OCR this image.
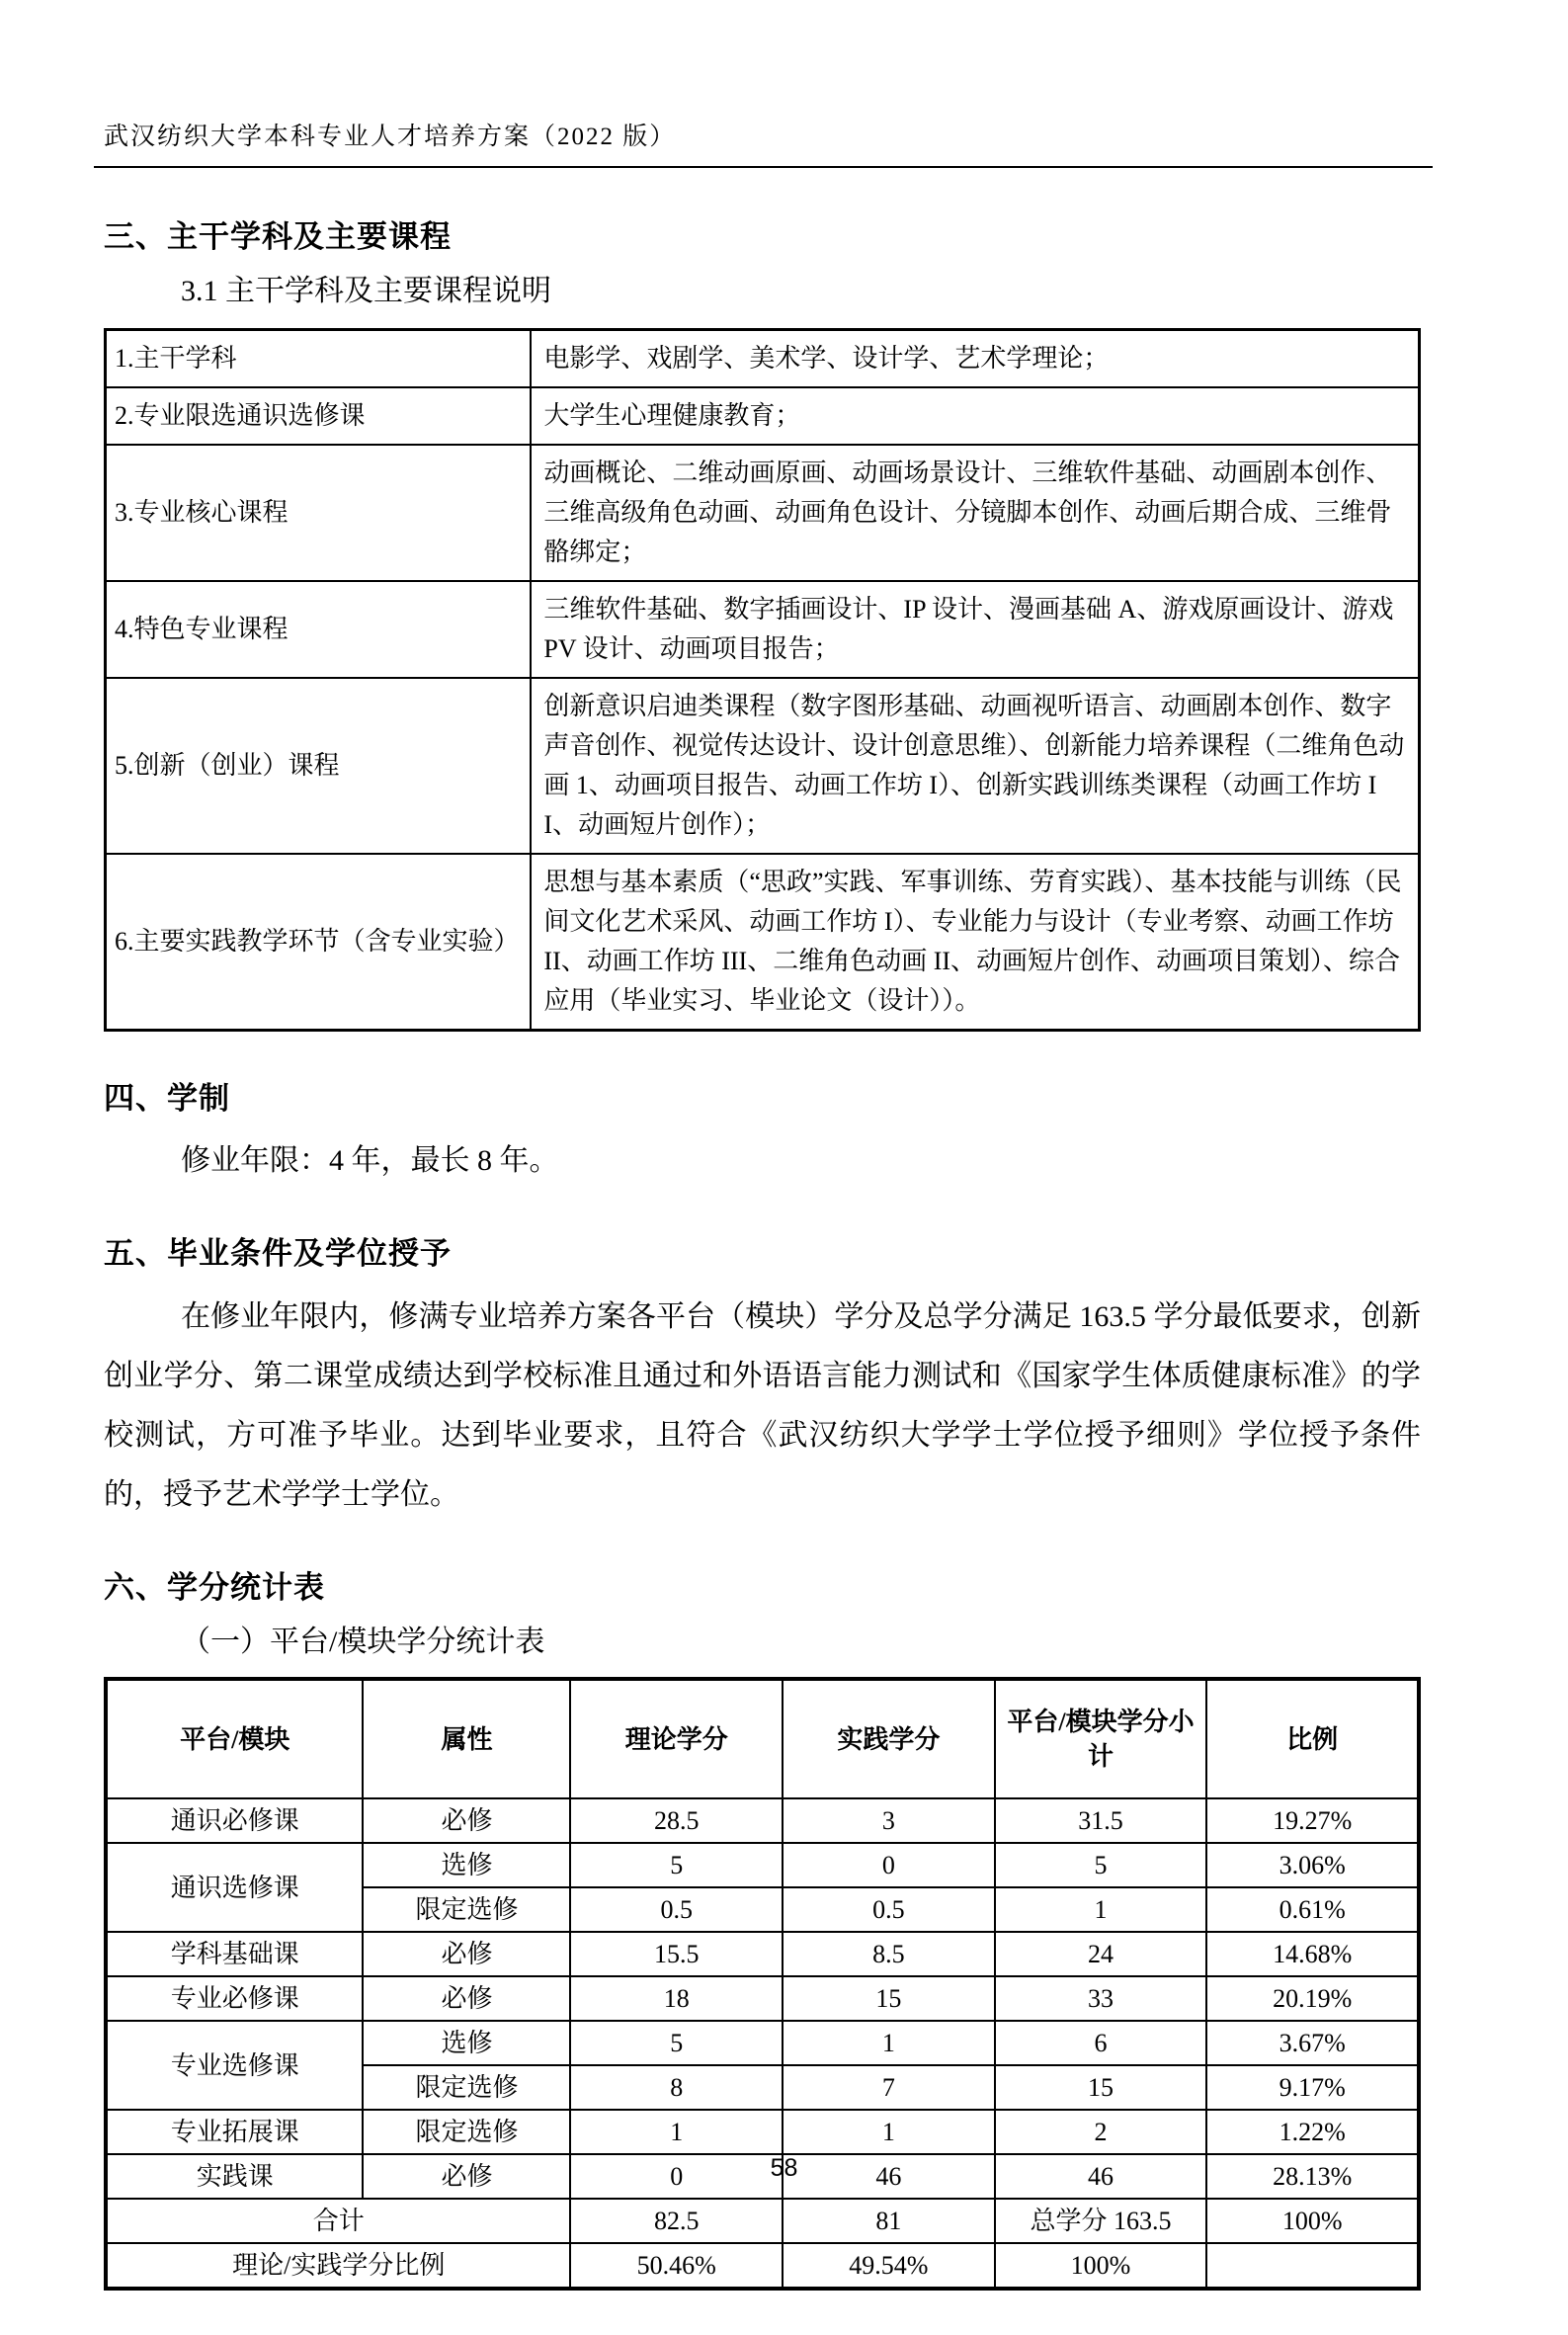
武汉纺织大学本科专业人才培养方案（2022 版）
三、主干学科及主要课程

3.1 主干学科及主要课程说明

1.主干学科	电影学、戏剧学、美术学、设计学、艺术学理论；
2.专业限选通识选修课	大学生心理健康教育；
3.专业核心课程	动画概论、二维动画原画、动画场景设计、三维软件基础、动画剧本创作、三维高级角色动画、动画角色设计、分镜脚本创作、动画后期合成、三维骨骼绑定；
4.特色专业课程	三维软件基础、数字插画设计、IP 设计、漫画基础 A、游戏原画设计、游戏 PV 设计、动画项目报告；
5.创新（创业）课程	创新意识启迪类课程（数字图形基础、动画视听语言、动画剧本创作、数字声音创作、视觉传达设计、设计创意思维）、创新能力培养课程（二维角色动画 1、动画项目报告、动画工作坊 I）、创新实践训练类课程（动画工作坊 II、动画短片创作）；
6.主要实践教学环节（含专业实验）	思想与基本素质（“思政”实践、军事训练、劳育实践）、基本技能与训练（民间文化艺术采风、动画工作坊 I）、专业能力与设计（专业考察、动画工作坊 II、动画工作坊 III、二维角色动画 II、动画短片创作、动画项目策划）、综合应用（毕业实习、毕业论文（设计））。
四、学制

修业年限：4 年，最长 8 年。

五、毕业条件及学位授予

在修业年限内，修满专业培养方案各平台（模块）学分及总学分满足 163.5 学分最低要求，创新创业学分、第二课堂成绩达到学校标准且通过和外语语言能力测试和《国家学生体质健康标准》的学校测试，方可准予毕业。达到毕业要求，且符合《武汉纺织大学学士学位授予细则》学位授予条件的，授予艺术学学士学位。

六、学分统计表

（一）平台/模块学分统计表

平台/模块	属性	理论学分	实践学分	平台/模块学分小计	比例
通识必修课	必修	28.5	3	31.5	19.27%
通识选修课	选修	5	0	5	3.06%
	限定选修	0.5	0.5	1	0.61%
学科基础课	必修	15.5	8.5	24	14.68%
专业必修课	必修	18	15	33	20.19%
专业选修课	选修	5	1	6	3.67%
	限定选修	8	7	15	9.17%
专业拓展课	限定选修	1	1	2	1.22%
实践课	必修	0	46	46	28.13%
合计		82.5	81	总学分 163.5	100%
理论/实践学分比例		50.46%	49.54%	100%	
58
